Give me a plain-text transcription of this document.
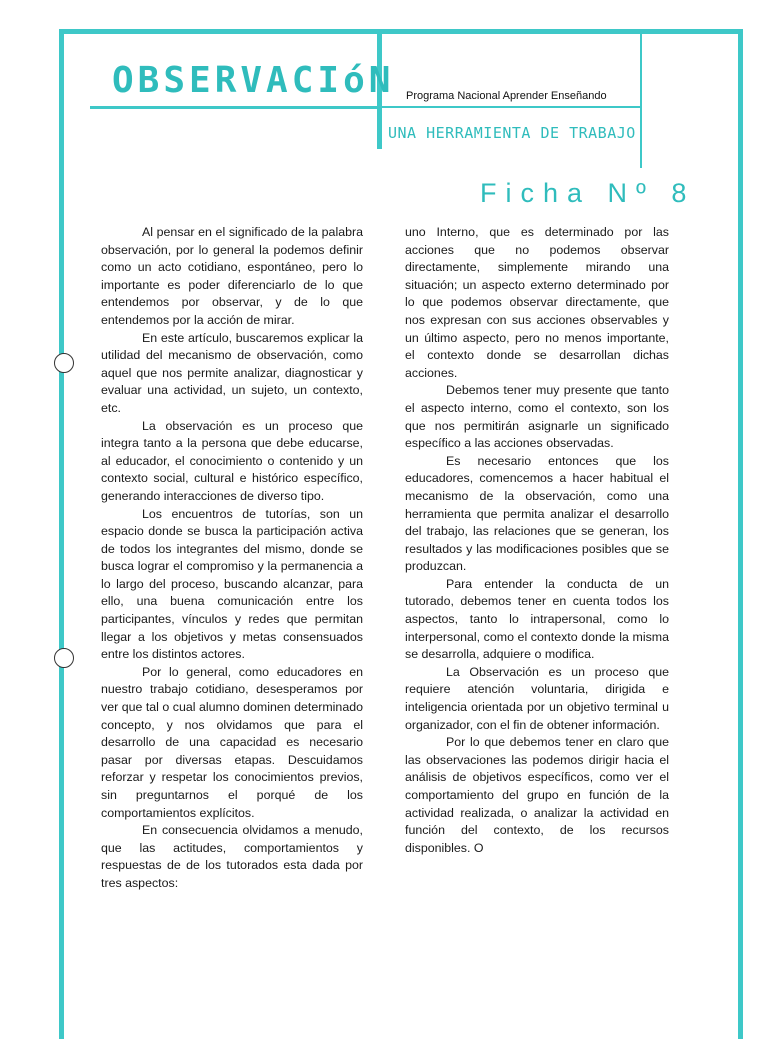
OBSERVACIóN Programa Nacional Aprender Enseñando
UNA HERRAMIENTA DE TRABAJO
Ficha Nº 8

Al pensar en el significado de la palabra observación, por lo general la podemos definir como un acto cotidiano, espontáneo, pero lo importante es poder diferenciarlo de lo que entendemos por observar, y de lo que entendemos por la acción de mirar.

En este artículo, buscaremos explicar la utilidad del mecanismo de observación, como aquel que nos permite analizar, diagnosticar y evaluar una actividad, un sujeto, un contexto, etc.

La observación es un proceso que integra tanto a la persona que debe educarse, al educador, el conocimiento o contenido y un contexto social, cultural e histórico específico, generando interacciones de diverso tipo.

Los encuentros de tutorías, son un espacio donde se busca la participación activa de todos los integrantes del mismo, donde se busca lograr el compromiso y la permanencia a lo largo del proceso, buscando alcanzar, para ello, una buena comunicación entre los participantes, vínculos y redes que permitan llegar a los objetivos y metas consensuados entre los distintos actores.

Por lo general, como educadores en nuestro trabajo cotidiano, desesperamos por ver que tal o cual alumno dominen determinado concepto, y nos olvidamos que para el desarrollo de una capacidad es necesario pasar por diversas etapas. Descuidamos reforzar y respetar los conocimientos previos, sin preguntarnos el porqué de los comportamientos explícitos.

En consecuencia olvidamos a menudo, que las actitudes, comportamientos y respuestas de de los tutorados esta dada por tres aspectos:

uno Interno, que es determinado por las acciones que no podemos observar directamente, simplemente mirando una situación; un aspecto externo determinado por lo que podemos observar directamente, que nos expresan con sus acciones observables y un último aspecto, pero no menos importante, el contexto donde se desarrollan dichas acciones.

Debemos tener muy presente que tanto el aspecto interno, como el contexto, son los que nos permitirán asignarle un significado específico a las acciones observadas.

Es necesario entonces que los educadores, comencemos a hacer habitual el mecanismo de la observación, como una herramienta que permita analizar el desarrollo del trabajo, las relaciones que se generan, los resultados y las modificaciones posibles que se produzcan.

Para entender la conducta de un tutorado, debemos tener en cuenta todos los aspectos, tanto lo intrapersonal, como lo interpersonal, como el contexto donde la misma se desarrolla, adquiere o modifica.

La Observación es un proceso que requiere atención voluntaria, dirigida e inteligencia orientada por un objetivo terminal u organizador, con el fin de obtener información.

Por lo que debemos tener en claro que las observaciones las podemos dirigir hacia el análisis de objetivos específicos, como ver el comportamiento del grupo en función de la actividad realizada, o analizar la actividad en función del contexto, de los recursos disponibles. O
